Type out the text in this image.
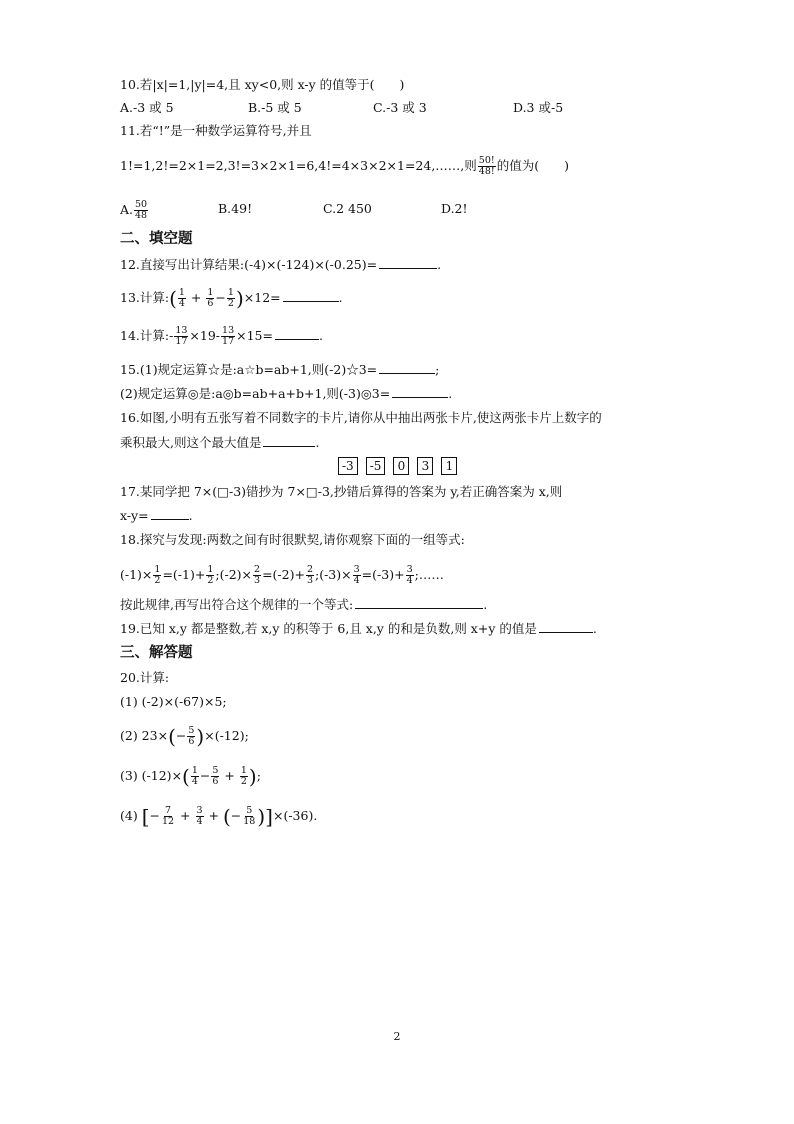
10.若|x|=1,|y|=4,且 xy<0,则 x-y 的值等于(　　)
A.-3 或 5	B.-5 或 5	C.-3 或 3	D.3 或-5
11.若“!”是一种数学运算符号,并且
1!=1,2!=2×1=2,3!=3×2×1=6,4!=4×3×2×1=24,……,则 $\frac{50!}{48!}$ 的值为(　　)
A. $\frac{50}{48}$	B.49!	C.2 450	D.2!
二、填空题
12.直接写出计算结果:(-4)×(-124)×(-0.25)=	.
13.计算:( $\frac{1}{4} + \frac{1}{6} - \frac{1}{2} )\times 12=$	.
14.计算:- $\frac{13}{17} \times 19- \frac{13}{17} \times 15=$	.
15.(1)规定运算☆是:a☆b=ab+1,则(-2)☆3=	;
(2)规定运算◎是:a◎b=ab+a+b+1,则(-3)◎3=	.
16.如图,小明有五张写着不同数字的卡片,请你从中抽出两张卡片,使这两张卡片上数字的
乘积最大,则这个最大值是	.
-3	-5	0	3	1
17.某同学把 7×(□-3)错抄为 7×□-3,抄错后算得的答案为 y,若正确答案为 x,则
x-y=	.
18.探究与发现:两数之间有时很默契,请你观察下面的一组等式:
$(-1)\times \frac{1}{2} =(-1)+ \frac{1}{2}$ ;(-2)× $\frac{2}{3} =(-2)+ \frac{2}{3}$ ;(-3)× $\frac{3}{4} =(-3)+ \frac{3}{4}$ ;……
按此规律,再写出符合这个规律的一个等式:	.
19.已知 x,y 都是整数,若 x,y 的积等于 6,且 x,y 的和是负数,则 x+y 的值是	.
三、解答题
20.计算:
(1) (-2)×(-67)×5;
(2) $23\times(- \frac{5}{6} )\times(-12)$;
(3) $(-12)\times( \frac{1}{4} - \frac{5}{6} + \frac{1}{2}$ );
(4) [− $\frac{7}{12} + \frac{3}{4}$ + (− $\frac{5}{18} )]\times(-36)$.
2
